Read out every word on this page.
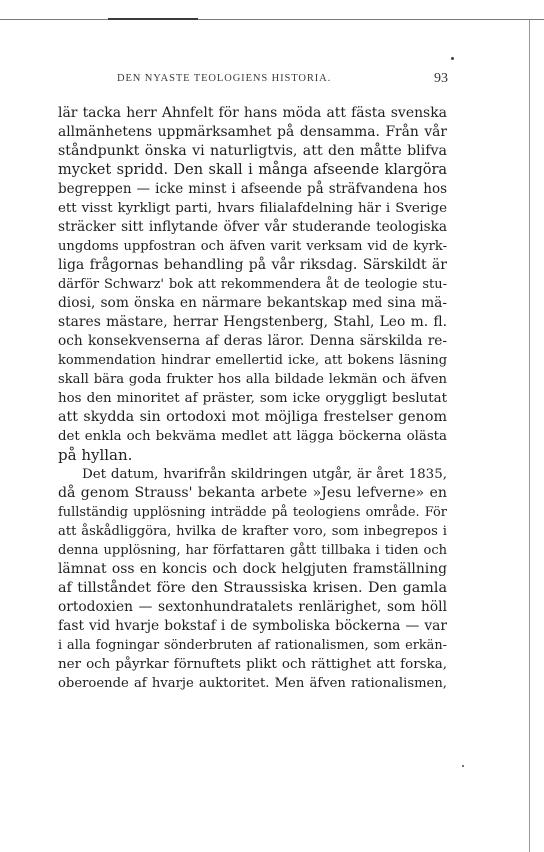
DEN NYASTE TEOLOGIENS HISTORIA.	93
lär tacka herr Ahnfelt för hans möda att fästa svenska
allmänhetens uppmärksamhet på densamma. Från vår
ståndpunkt önska vi naturligtvis, att den måtte blifva
mycket spridd. Den skall i många afseende klargöra
begreppen — icke minst i afseende på sträfvandena hos
ett visst kyrkligt parti, hvars filialafdelning här i Sverige
sträcker sitt inflytande öfver vår studerande teologiska
ungdoms uppfostran och äfven varit verksam vid de kyrk-
liga frågornas behandling på vår riksdag. Särskildt är
därför Schwarz' bok att rekommendera åt de teologie stu-
diosi, som önska en närmare bekantskap med sina mä-
stares mästare, herrar Hengstenberg, Stahl, Leo m. fl.
och konsekvenserna af deras läror. Denna särskilda re-
kommendation hindrar emellertid icke, att bokens läsning
skall bära goda frukter hos alla bildade lekmän och äfven
hos den minoritet af präster, som icke oryggligt beslutat
att skydda sin ortodoxi mot möjliga frestelser genom
det enkla och bekväma medlet att lägga böckerna olästa
på hyllan.
Det datum, hvarifrån skildringen utgår, är året 1835,
då genom Strauss' bekanta arbete »Jesu lefverne» en
fullständig upplösning inträdde på teologiens område. För
att åskådliggöra, hvilka de krafter voro, som inbegrepos i
denna upplösning, har författaren gått tillbaka i tiden och
lämnat oss en koncis och dock helgjuten framställning
af tillståndet före den Straussiska krisen. Den gamla
ortodoxien — sextonhundratalets renlärighet, som höll
fast vid hvarje bokstaf i de symboliska böckerna — var
i alla fogningar sönderbruten af rationalismen, som erkän-
ner och påyrkar förnuftets plikt och rättighet att forska,
oberoende af hvarje auktoritet. Men äfven rationalismen,
